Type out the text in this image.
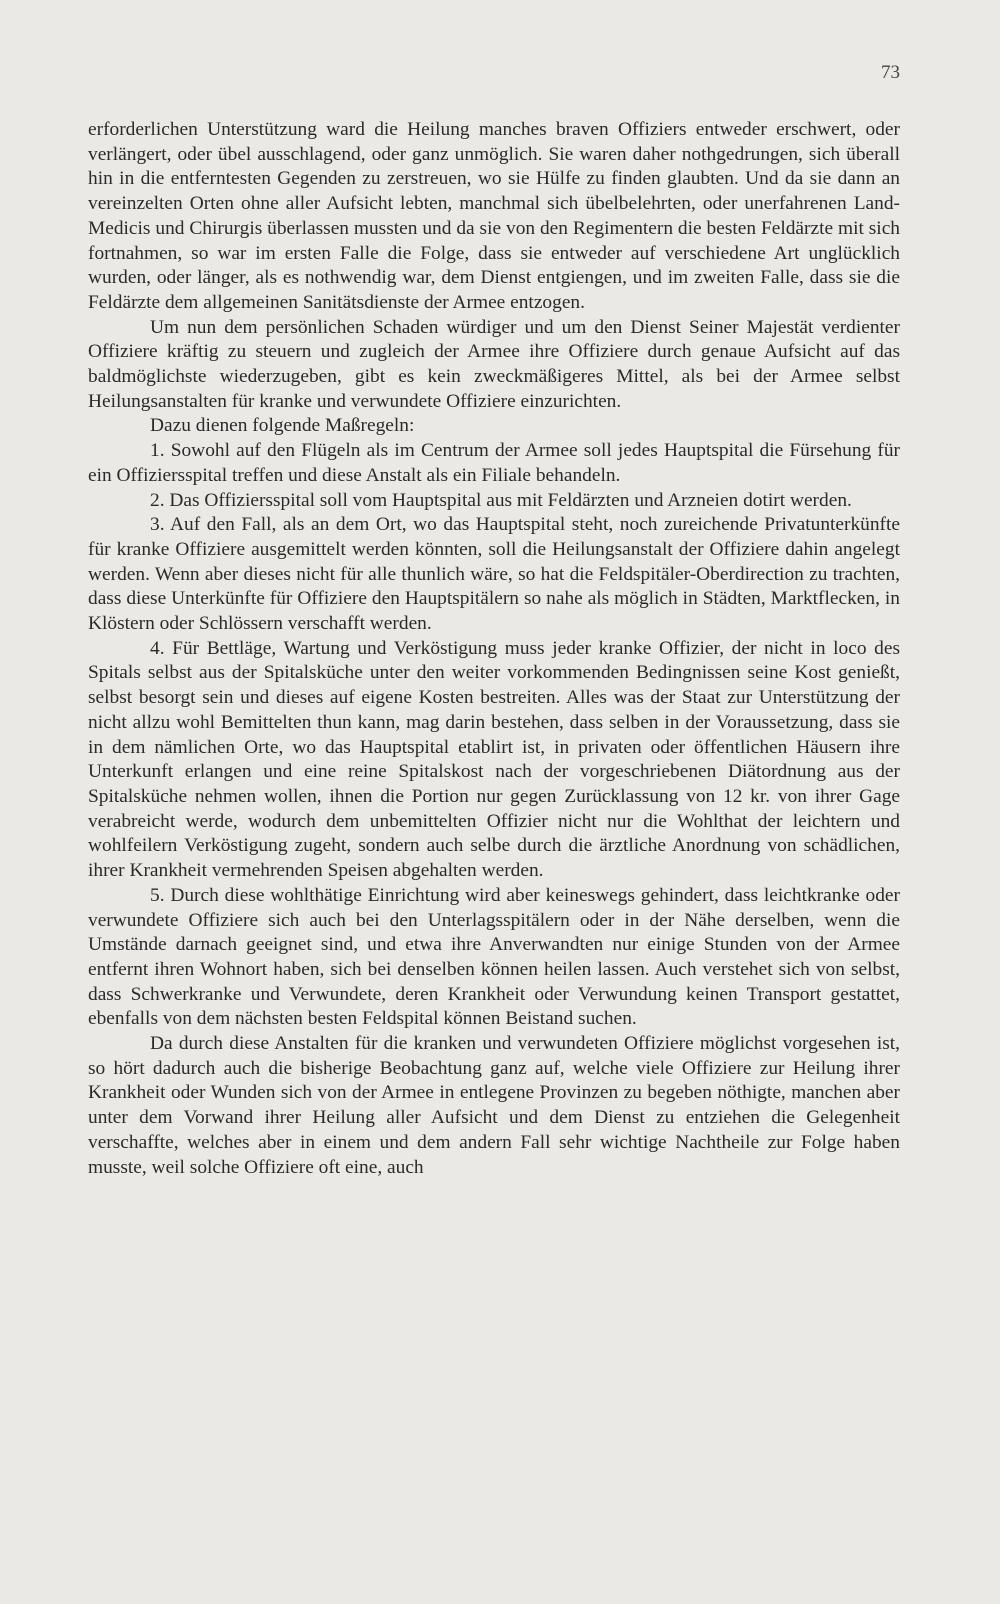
73

erforderlichen Unterstützung ward die Heilung manches braven Offiziers entweder erschwert, oder verlängert, oder übel ausschlagend, oder ganz unmöglich. Sie waren daher nothgedrungen, sich überall hin in die entferntesten Gegenden zu zerstreuen, wo sie Hülfe zu finden glaubten. Und da sie dann an vereinzelten Orten ohne aller Aufsicht lebten, manchmal sich übelbelehrten, oder unerfahrenen Land-Medicis und Chirurgis überlassen mussten und da sie von den Regimentern die besten Feldärzte mit sich fortnahmen, so war im ersten Falle die Folge, dass sie entweder auf verschiedene Art unglücklich wurden, oder länger, als es nothwendig war, dem Dienst entgiengen, und im zweiten Falle, dass sie die Feldärzte dem allgemeinen Sanitätsdienste der Armee entzogen.

Um nun dem persönlichen Schaden würdiger und um den Dienst Seiner Majestät verdienter Offiziere kräftig zu steuern und zugleich der Armee ihre Offiziere durch genaue Aufsicht auf das baldmöglichste wiederzugeben, gibt es kein zweckmäßigeres Mittel, als bei der Armee selbst Heilungsanstalten für kranke und verwundete Offiziere einzurichten.

Dazu dienen folgende Maßregeln:

1. Sowohl auf den Flügeln als im Centrum der Armee soll jedes Hauptspital die Fürsehung für ein Offiziersspital treffen und diese Anstalt als ein Filiale behandeln.

2. Das Offiziersspital soll vom Hauptspital aus mit Feldärzten und Arzneien dotirt werden.

3. Auf den Fall, als an dem Ort, wo das Hauptspital steht, noch zureichende Privatunterkünfte für kranke Offiziere ausgemittelt werden könnten, soll die Heilungsanstalt der Offiziere dahin angelegt werden. Wenn aber dieses nicht für alle thunlich wäre, so hat die Feldspitäler-Oberdirection zu trachten, dass diese Unterkünfte für Offiziere den Hauptspitälern so nahe als möglich in Städten, Marktflecken, in Klöstern oder Schlössern verschafft werden.

4. Für Bettläge, Wartung und Verköstigung muss jeder kranke Offizier, der nicht in loco des Spitals selbst aus der Spitalsküche unter den weiter vorkommenden Bedingnissen seine Kost genießt, selbst besorgt sein und dieses auf eigene Kosten bestreiten. Alles was der Staat zur Unterstützung der nicht allzu wohl Bemittelten thun kann, mag darin bestehen, dass selben in der Voraussetzung, dass sie in dem nämlichen Orte, wo das Hauptspital etablirt ist, in privaten oder öffentlichen Häusern ihre Unterkunft erlangen und eine reine Spitalskost nach der vorgeschriebenen Diätordnung aus der Spitalsküche nehmen wollen, ihnen die Portion nur gegen Zurücklassung von 12 kr. von ihrer Gage verabreicht werde, wodurch dem unbemittelten Offizier nicht nur die Wohlthat der leichtern und wohlfeilern Verköstigung zugeht, sondern auch selbe durch die ärztliche Anordnung von schädlichen, ihrer Krankheit vermehrenden Speisen abgehalten werden.

5. Durch diese wohlthätige Einrichtung wird aber keineswegs gehindert, dass leichtkranke oder verwundete Offiziere sich auch bei den Unterlagsspitälern oder in der Nähe derselben, wenn die Umstände darnach geeignet sind, und etwa ihre Anverwandten nur einige Stunden von der Armee entfernt ihren Wohnort haben, sich bei denselben können heilen lassen. Auch verstehet sich von selbst, dass Schwerkranke und Verwundete, deren Krankheit oder Verwundung keinen Transport gestattet, ebenfalls von dem nächsten besten Feldspital können Beistand suchen.

Da durch diese Anstalten für die kranken und verwundeten Offiziere möglichst vorgesehen ist, so hört dadurch auch die bisherige Beobachtung ganz auf, welche viele Offiziere zur Heilung ihrer Krankheit oder Wunden sich von der Armee in entlegene Provinzen zu begeben nöthigte, manchen aber unter dem Vorwand ihrer Heilung aller Aufsicht und dem Dienst zu entziehen die Gelegenheit verschaffte, welches aber in einem und dem andern Fall sehr wichtige Nachtheile zur Folge haben musste, weil solche Offiziere oft eine, auch
